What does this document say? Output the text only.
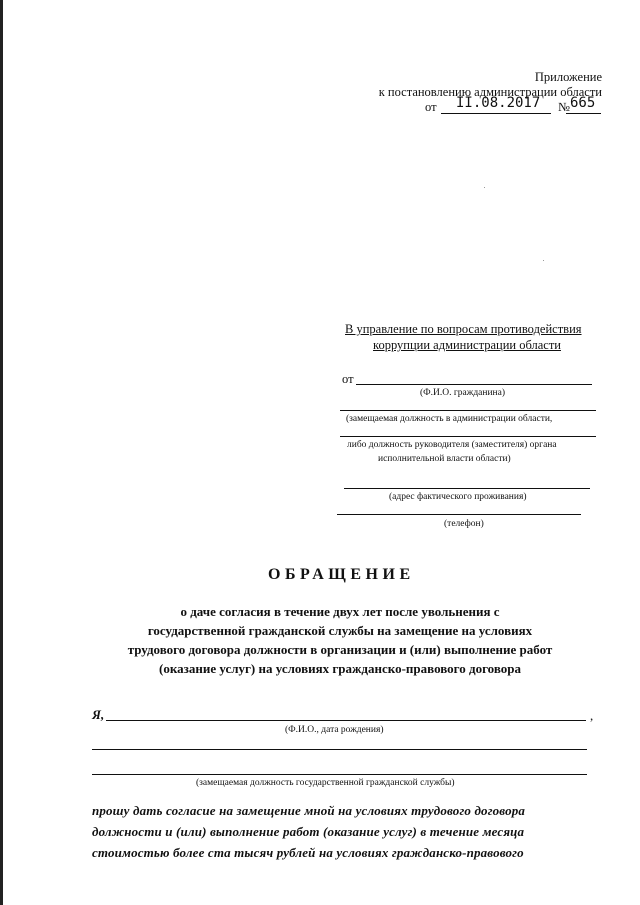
Приложение
к постановлению администрации области
от II.08.2017 № 665
В управление по вопросам противодействия
коррупции администрации области
от
(Ф.И.О. гражданина)
(замещаемая должность в администрации области,
либо должность руководителя (заместителя) органа
исполнительной власти области)
(адрес фактического проживания)
(телефон)
ОБРАЩЕНИЕ
о даче согласия в течение двух лет после увольнения с
государственной гражданской службы на замещение на условиях
трудового договора должности в организации и (или) выполнение работ
(оказание услуг) на условиях гражданско-правового договора
Я,	,
(Ф.И.О., дата рождения)
(замещаемая должность государственной гражданской службы)
прошу дать согласие на замещение мной на условиях трудового договора
должности и (или) выполнение работ (оказание услуг) в течение месяца
стоимостью более ста тысяч рублей на условиях гражданско-правового
